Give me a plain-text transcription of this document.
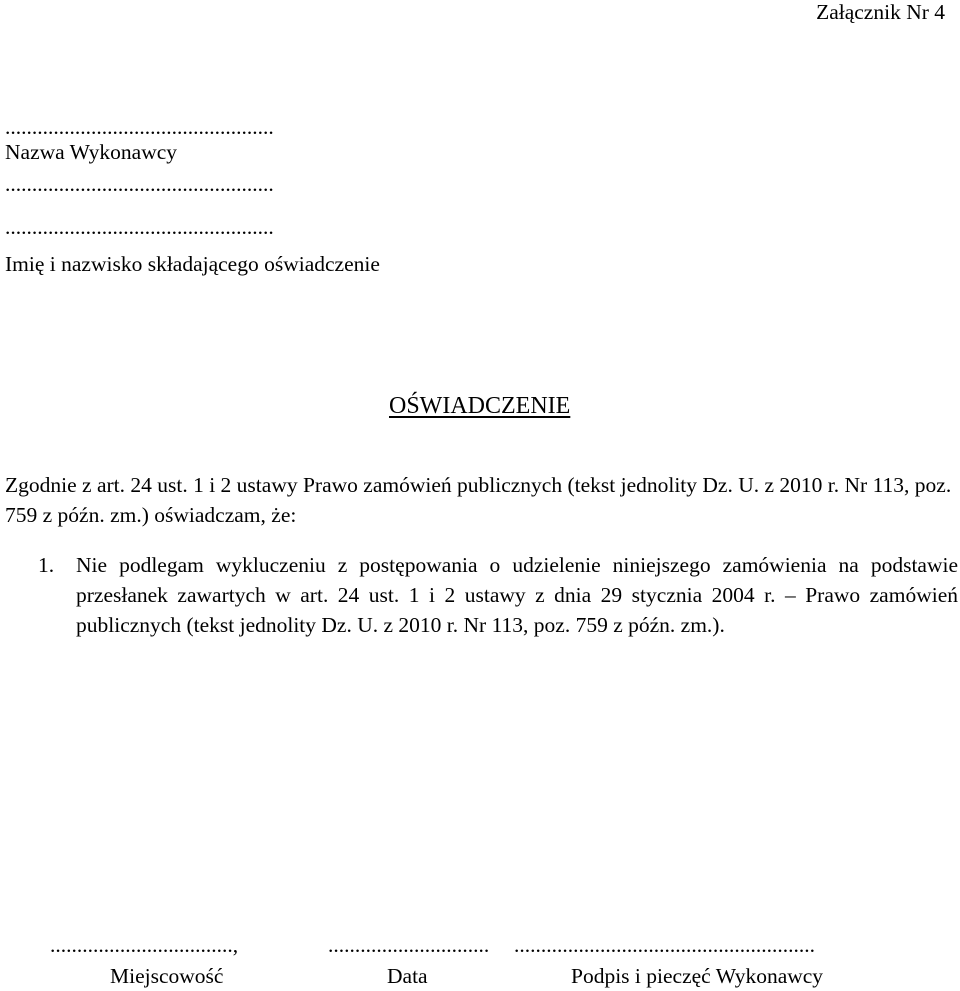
Załącznik Nr 4
..................................................
Nazwa Wykonawcy
..................................................
..................................................
Imię i nazwisko składającego oświadczenie
OŚWIADCZENIE
Zgodnie z art. 24 ust. 1 i 2 ustawy Prawo zamówień publicznych (tekst jednolity Dz. U. z 2010 r. Nr 113, poz. 759 z późn. zm.) oświadczam, że:
1. Nie podlegam wykluczeniu z postępowania o udzielenie niniejszego zamówienia na podstawie przesłanek zawartych w art. 24 ust. 1 i 2 ustawy z dnia 29 stycznia 2004 r. – Prawo zamówień publicznych (tekst jednolity Dz. U. z 2010 r. Nr 113, poz. 759 z późn. zm.).
..................................,	.............................. ........................................................
Miejscowość	Data	Podpis i pieczęć Wykonawcy
